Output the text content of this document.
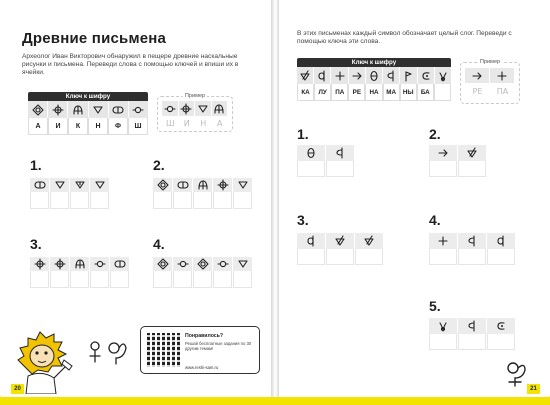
Древние письмена
Археолог Иван Викторович обнаружил в пещере древние наскальные рисунки и письмена. Переведи слова с помощью ключей и впиши их в ячейки.
Ключ к шифру
А	И	К	Н	Ф	Ш
Пример
Ш	И	Н	А
1.	2.
3.	4.
Понравилось?
Решай бесплатные задания по 30 другим темам!
www.reshi-sam.ru
В этих письменах каждый символ обозначает целый слог. Переведи с помощью ключа эти слова.
Ключ к шифру
КА	ЛУ	ПА	РЕ	НА	МА	НЫ	БА
Пример
РЕ	ПА
1.	2.
3.	4.
5.
20	21
